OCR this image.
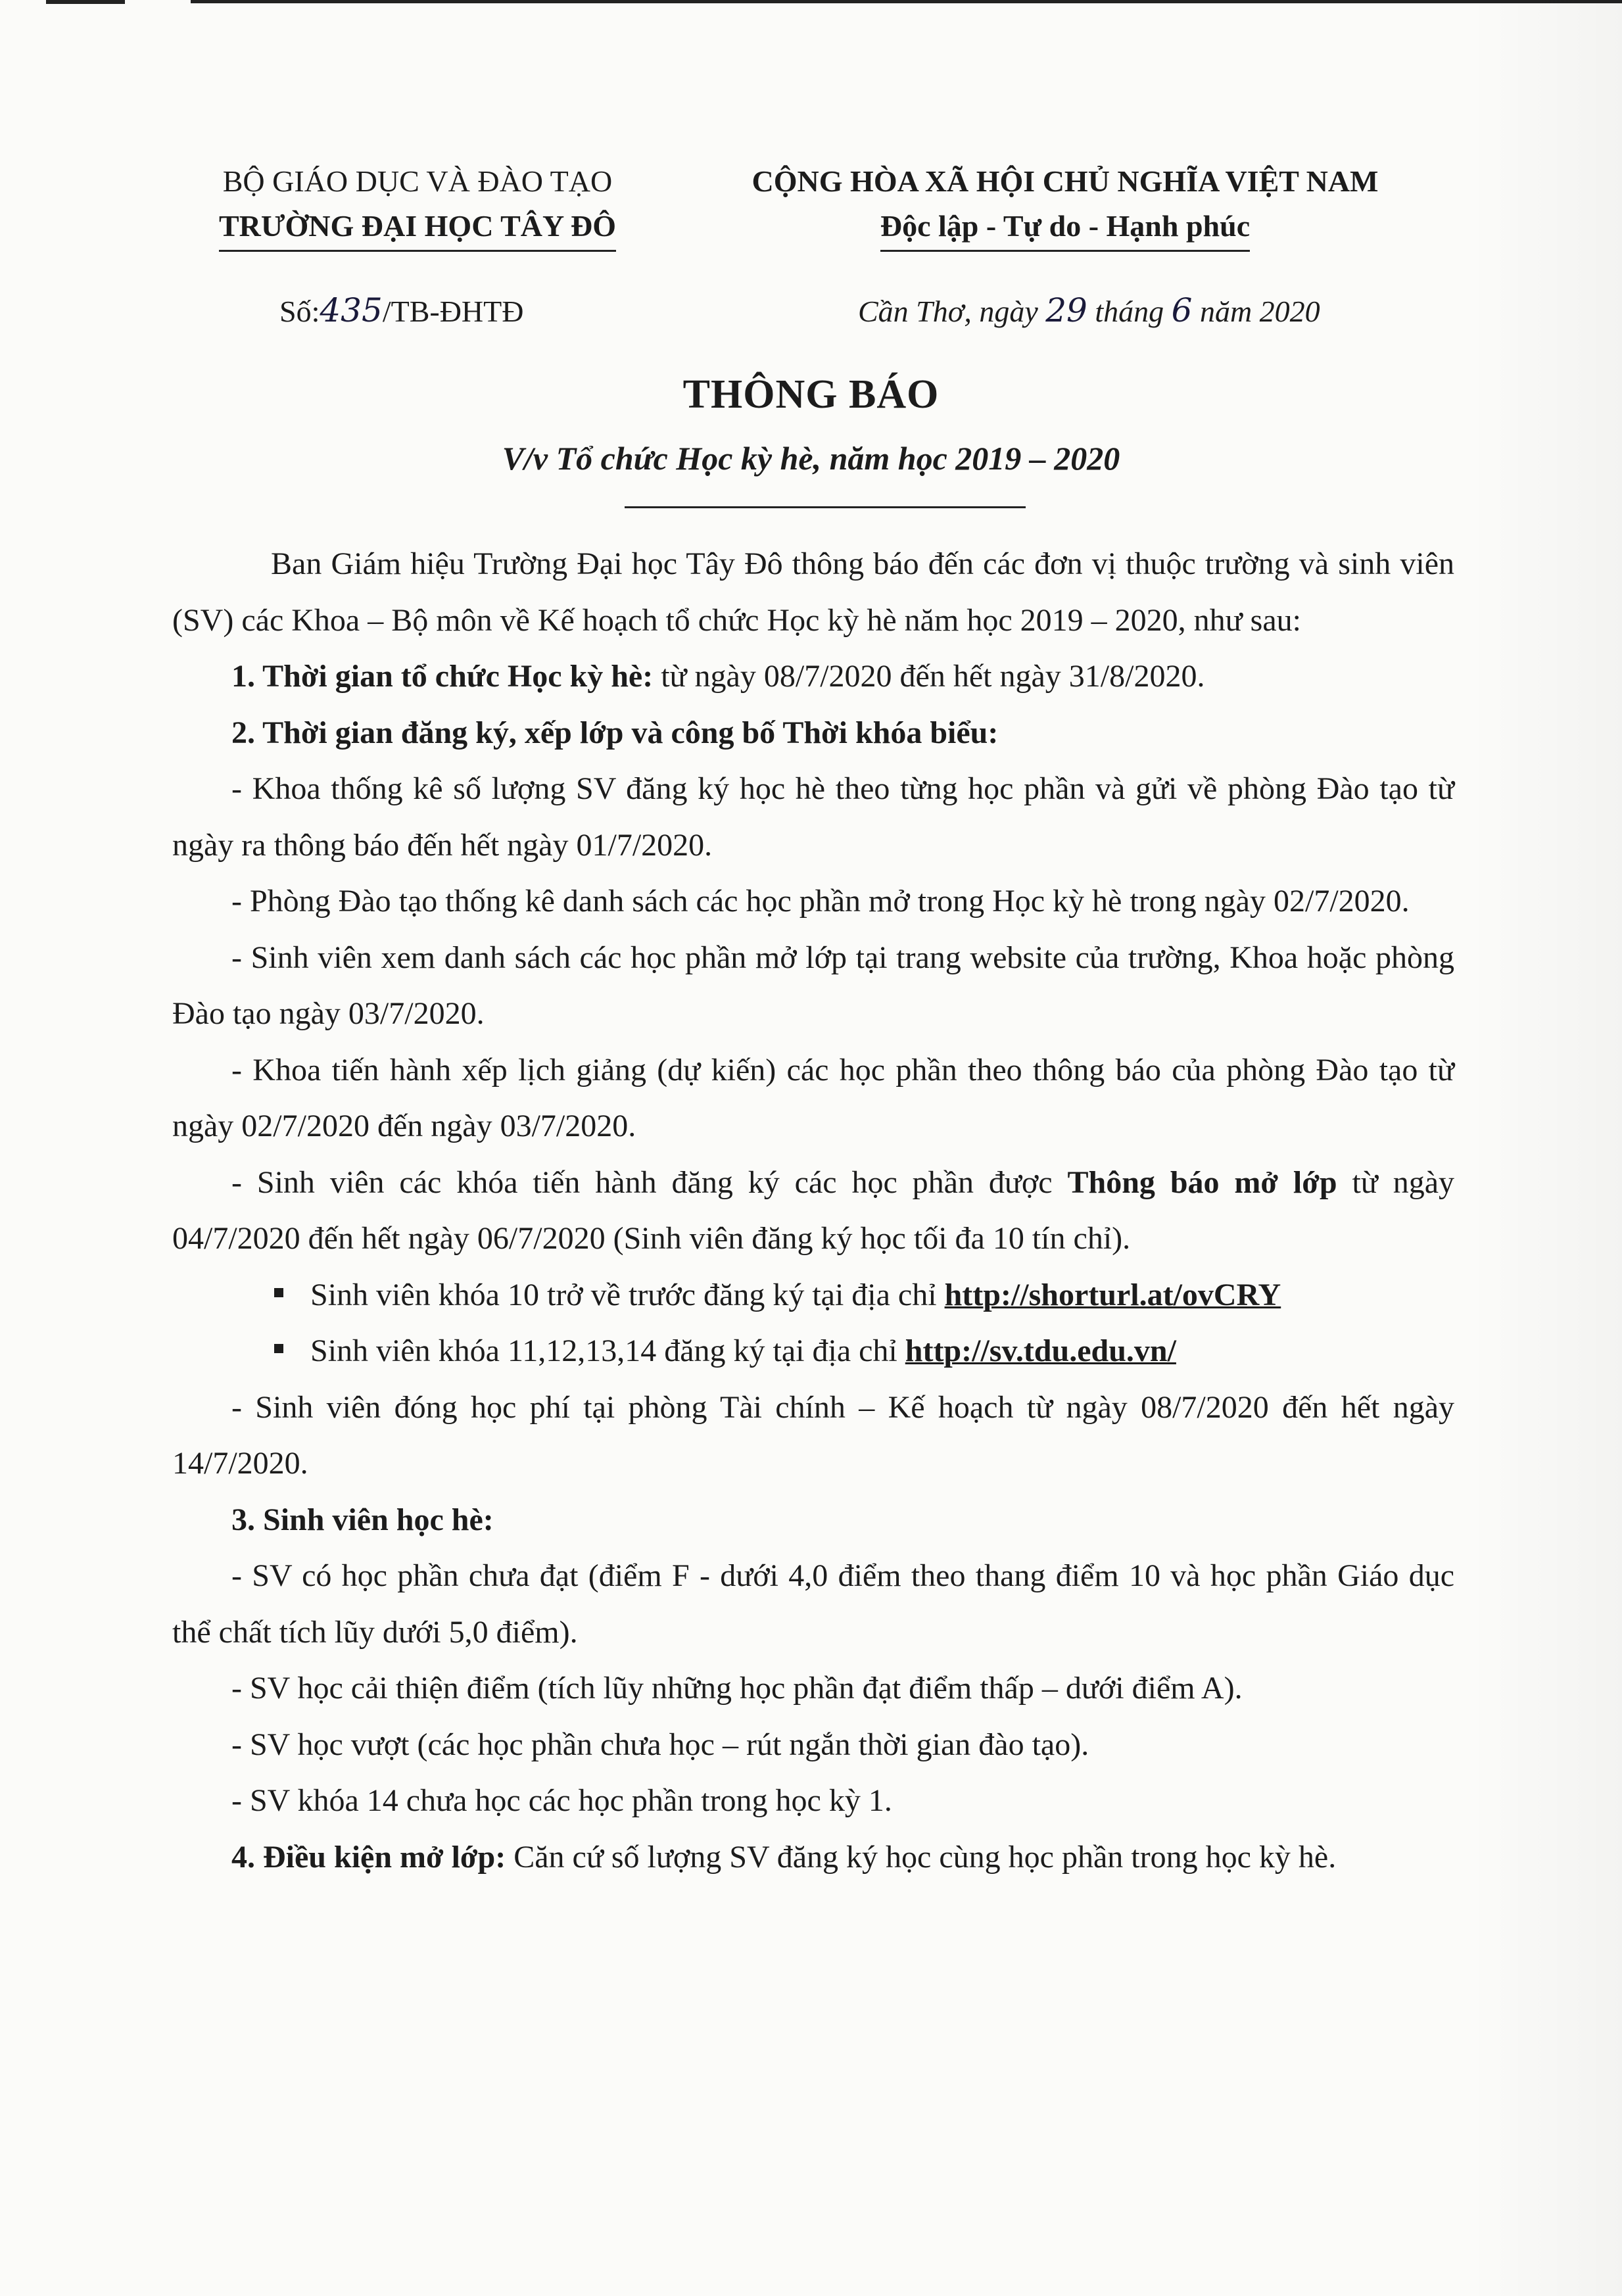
BỘ GIÁO DỤC VÀ ĐÀO TẠO
TRƯỜNG ĐẠI HỌC TÂY ĐÔ
CỘNG HÒA XÃ HỘI CHỦ NGHĨA VIỆT NAM
Độc lập - Tự do - Hạnh phúc
Số:435/TB-ĐHTĐ	Cần Thơ, ngày 29 tháng 6 năm 2020
THÔNG BÁO
V/v Tổ chức Học kỳ hè, năm học 2019 – 2020

Ban Giám hiệu Trường Đại học Tây Đô thông báo đến các đơn vị thuộc trường và sinh viên (SV) các Khoa – Bộ môn về Kế hoạch tổ chức Học kỳ hè năm học 2019 – 2020, như sau:

1. Thời gian tổ chức Học kỳ hè: từ ngày 08/7/2020 đến hết ngày 31/8/2020.

2. Thời gian đăng ký, xếp lớp và công bố Thời khóa biểu:

- Khoa thống kê số lượng SV đăng ký học hè theo từng học phần và gửi về phòng Đào tạo từ ngày ra thông báo đến hết ngày 01/7/2020.

- Phòng Đào tạo thống kê danh sách các học phần mở trong Học kỳ hè trong ngày 02/7/2020.

- Sinh viên xem danh sách các học phần mở lớp tại trang website của trường, Khoa hoặc phòng Đào tạo ngày 03/7/2020.

- Khoa tiến hành xếp lịch giảng (dự kiến) các học phần theo thông báo của phòng Đào tạo từ ngày 02/7/2020 đến ngày 03/7/2020.

- Sinh viên các khóa tiến hành đăng ký các học phần được Thông báo mở lớp từ ngày 04/7/2020 đến hết ngày 06/7/2020 (Sinh viên đăng ký học tối đa 10 tín chỉ).

Sinh viên khóa 10 trở về trước đăng ký tại địa chỉ http://shorturl.at/ovCRY

Sinh viên khóa 11,12,13,14 đăng ký tại địa chỉ http://sv.tdu.edu.vn/

- Sinh viên đóng học phí tại phòng Tài chính – Kế hoạch từ ngày 08/7/2020 đến hết ngày 14/7/2020.

3. Sinh viên học hè:

- SV có học phần chưa đạt (điểm F - dưới 4,0 điểm theo thang điểm 10 và học phần Giáo dục thể chất tích lũy dưới 5,0 điểm).

- SV học cải thiện điểm (tích lũy những học phần đạt điểm thấp – dưới điểm A).

- SV học vượt (các học phần chưa học – rút ngắn thời gian đào tạo).

- SV khóa 14 chưa học các học phần trong học kỳ 1.

4. Điều kiện mở lớp: Căn cứ số lượng SV đăng ký học cùng học phần trong học kỳ hè.
